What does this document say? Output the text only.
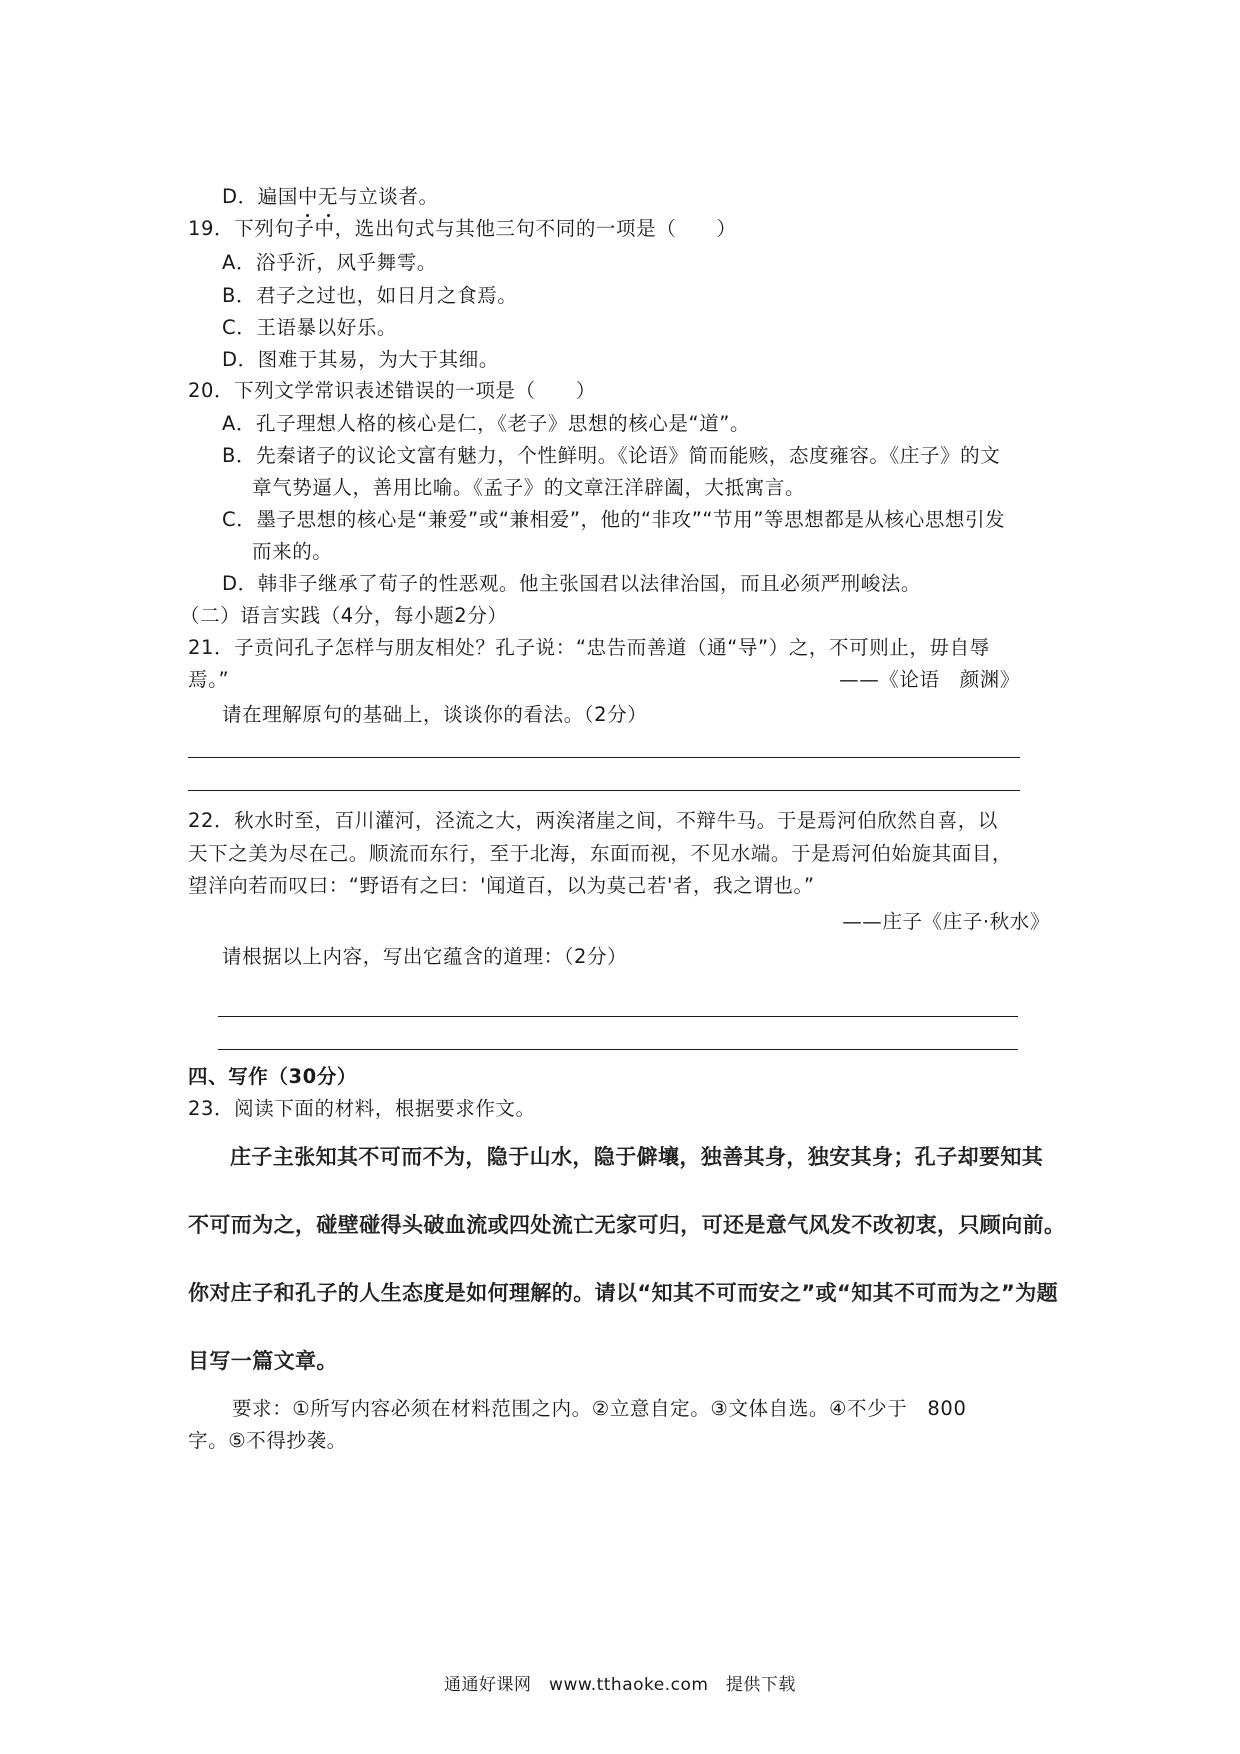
D．遍国中无与立谈者。
19．下列句子中，选出句式与其他三句不同的一项是（　　）
A．浴乎沂，风乎舞雩。
B．君子之过也，如日月之食焉。
C．王语暴以好乐。
D．图难于其易，为大于其细。
20．下列文学常识表述错误的一项是（　　）
A．孔子理想人格的核心是仁，《老子》思想的核心是“道”。
B．先秦诸子的议论文富有魅力，个性鲜明。《论语》简而能赅，态度雍容。《庄子》的文
章气势逼人，善用比喻。《孟子》的文章汪洋辟阖，大抵寓言。
C．墨子思想的核心是“兼爱”或“兼相爱”，他的“非攻”“节用”等思想都是从核心思想引发
而来的。
D．韩非子继承了荀子的性恶观。他主张国君以法律治国，而且必须严刑峻法。
（二）语言实践（4分，每小题2分）
21．子贡问孔子怎样与朋友相处？孔子说：“忠告而善道（通“导”）之，不可则止，毋自辱
焉。”	——《论语　颜渊》
请在理解原句的基础上，谈谈你的看法。（2分）
22．秋水时至，百川灌河，泾流之大，两涘渚崖之间，不辩牛马。于是焉河伯欣然自喜，以
天下之美为尽在己。顺流而东行，至于北海，东面而视，不见水端。于是焉河伯始旋其面目，
望洋向若而叹曰：“野语有之曰：'闻道百，以为莫己若'者，我之谓也。”
——庄子《庄子·秋水》
请根据以上内容，写出它蕴含的道理：（2分）
四、写作（30分）
23．阅读下面的材料，根据要求作文。
庄子主张知其不可而不为，隐于山水，隐于僻壤，独善其身，独安其身；孔子却要知其
不可而为之，碰壁碰得头破血流或四处流亡无家可归，可还是意气风发不改初衷，只顾向前。
你对庄子和孔子的人生态度是如何理解的。请以“知其不可而安之”或“知其不可而为之”为题
目写一篇文章。
要求：①所写内容必须在材料范围之内。②立意自定。③文体自选。④不少于　800
字。⑤不得抄袭。
通通好课网　www.tthaoke.com　提供下载
